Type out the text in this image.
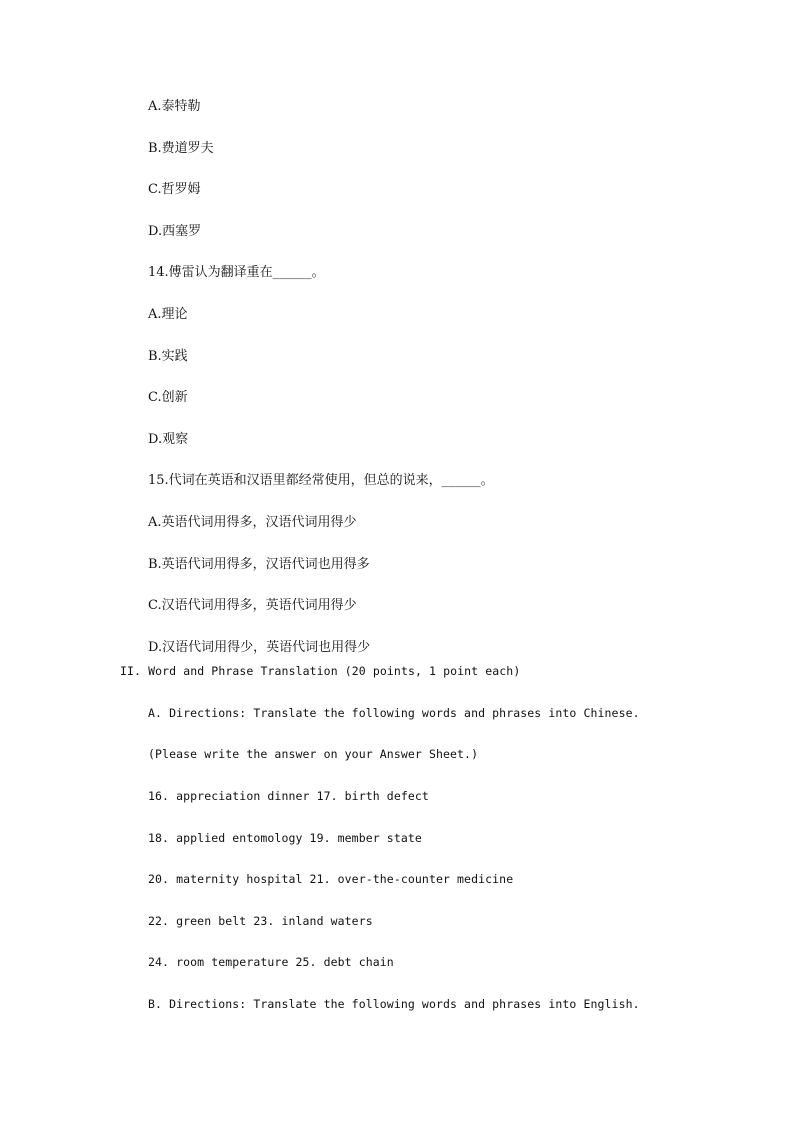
A.泰特勒
B.费道罗夫
C.哲罗姆
D.西塞罗
14.傅雷认为翻译重在______。
A.理论
B.实践
C.创新
D.观察
15.代词在英语和汉语里都经常使用，但总的说来，______。
A.英语代词用得多，汉语代词用得少
B.英语代词用得多，汉语代词也用得多
C.汉语代词用得多，英语代词用得少
D.汉语代词用得少，英语代词也用得少
II. Word and Phrase Translation (20 points, 1 point each)
A. Directions: Translate the following words and phrases into Chinese.
(Please write the answer on your Answer Sheet.)
16. appreciation dinner 17. birth defect
18. applied entomology 19. member state
20. maternity hospital 21. over-the-counter medicine
22. green belt 23. inland waters
24. room temperature 25. debt chain
B. Directions: Translate the following words and phrases into English.
